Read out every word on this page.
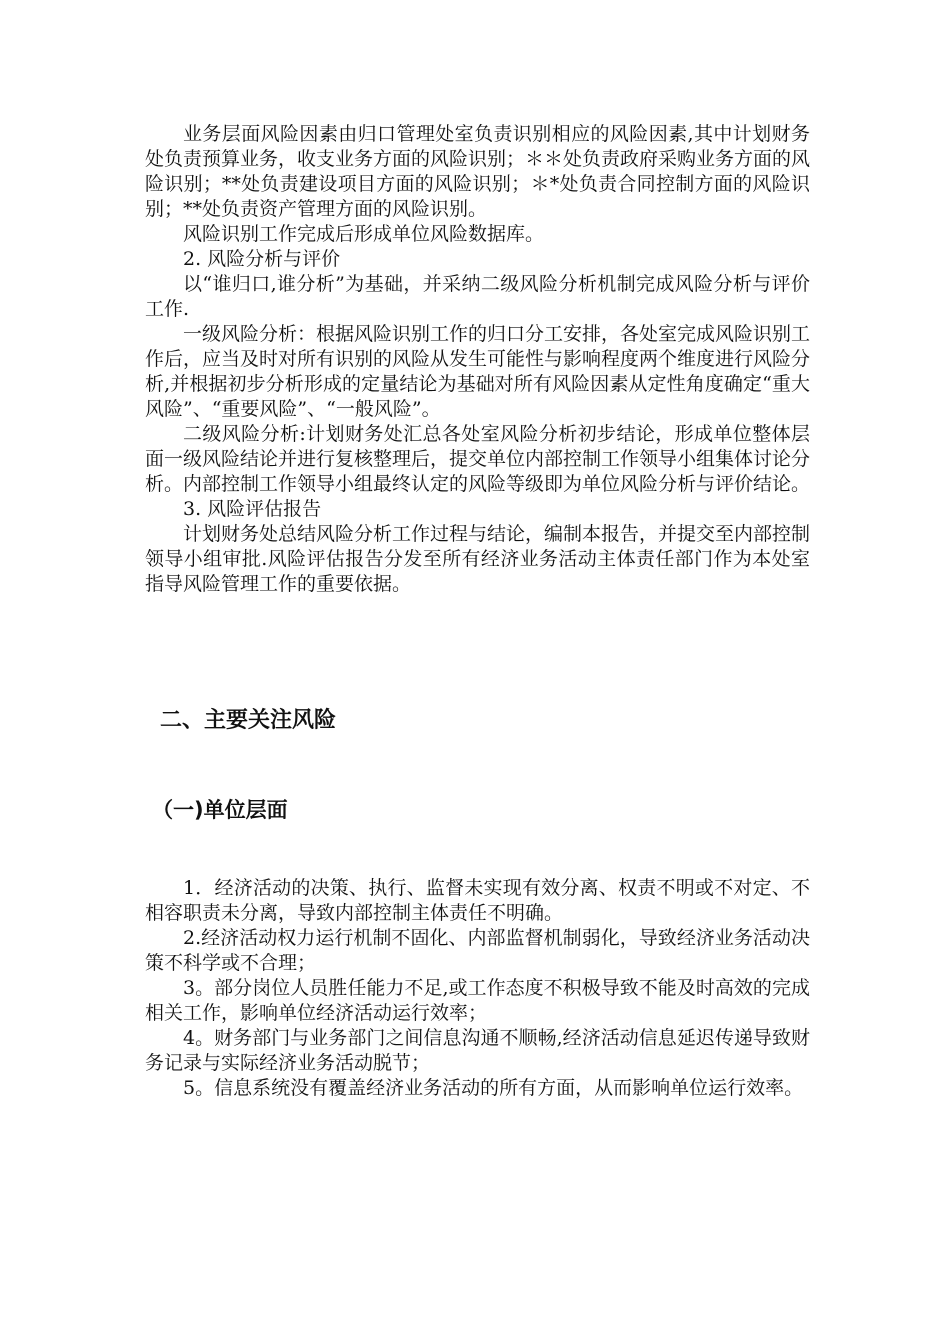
业务层面风险因素由归口管理处室负责识别相应的风险因素,其中计划财务处负责预算业务，收支业务方面的风险识别；＊＊处负责政府采购业务方面的风险识别；**处负责建设项目方面的风险识别；＊*处负责合同控制方面的风险识别；**处负责资产管理方面的风险识别。

风险识别工作完成后形成单位风险数据库。

2. 风险分析与评价

以“谁归口,谁分析”为基础，并采纳二级风险分析机制完成风险分析与评价工作.

一级风险分析：根据风险识别工作的归口分工安排，各处室完成风险识别工作后，应当及时对所有识别的风险从发生可能性与影响程度两个维度进行风险分析,并根据初步分析形成的定量结论为基础对所有风险因素从定性角度确定“重大风险”、“重要风险”、“一般风险”。

二级风险分析:计划财务处汇总各处室风险分析初步结论，形成单位整体层面一级风险结论并进行复核整理后，提交单位内部控制工作领导小组集体讨论分析。内部控制工作领导小组最终认定的风险等级即为单位风险分析与评价结论。

3. 风险评估报告

计划财务处总结风险分析工作过程与结论，编制本报告，并提交至内部控制领导小组审批.风险评估报告分发至所有经济业务活动主体责任部门作为本处室指导风险管理工作的重要依据。

二、主要关注风险
（一)单位层面

1．经济活动的决策、执行、监督未实现有效分离、权责不明或不对定、不相容职责未分离，导致内部控制主体责任不明确。

2.经济活动权力运行机制不固化、内部监督机制弱化，导致经济业务活动决策不科学或不合理；

3。部分岗位人员胜任能力不足,或工作态度不积极导致不能及时高效的完成相关工作，影响单位经济活动运行效率；

4。财务部门与业务部门之间信息沟通不顺畅,经济活动信息延迟传递导致财务记录与实际经济业务活动脱节；

5。信息系统没有覆盖经济业务活动的所有方面，从而影响单位运行效率。
